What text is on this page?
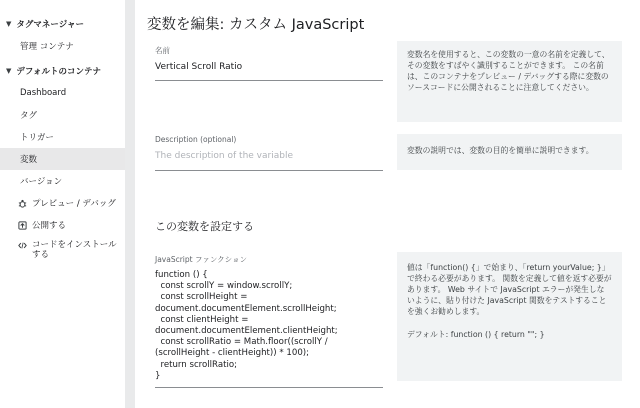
▼ タグマネージャー
管理 コンテナ
▼ デフォルトのコンテナ
Dashboard
タグ
トリガー
変数
バージョン
プレビュー / デバッグ
公開する
コードをインストールする
変数を編集: カスタム JavaScript
名前
Vertical Scroll Ratio
変数名を使用すると、この変数の一意の名前を定義して、その変数をすばやく識別することができます。 この名前は、このコンテナをプレビュー / デバッグする際に変数のソースコードに公開されることに注意してください。
Description (optional)
The description of the variable
変数の説明では、変数の目的を簡単に説明できます。
この変数を設定する
JavaScript ファンクション
function () {
const scrollY = window.scrollY;
const scrollHeight = document.documentElement.scrollHeight;
const clientHeight = document.documentElement.clientHeight;
const scrollRatio = Math.floor((scrollY / (scrollHeight - clientHeight)) * 100);
return scrollRatio;
}
値は「function() {」で始まり、「return yourValue; }」で終わる必要があります。 関数を定義して値を返す必要があります。 Web サイトで JavaScript エラーが発生しないように、貼り付けた JavaScript 関数をテストすることを強くお勧めします。
デフォルト: function () { return ""; }
